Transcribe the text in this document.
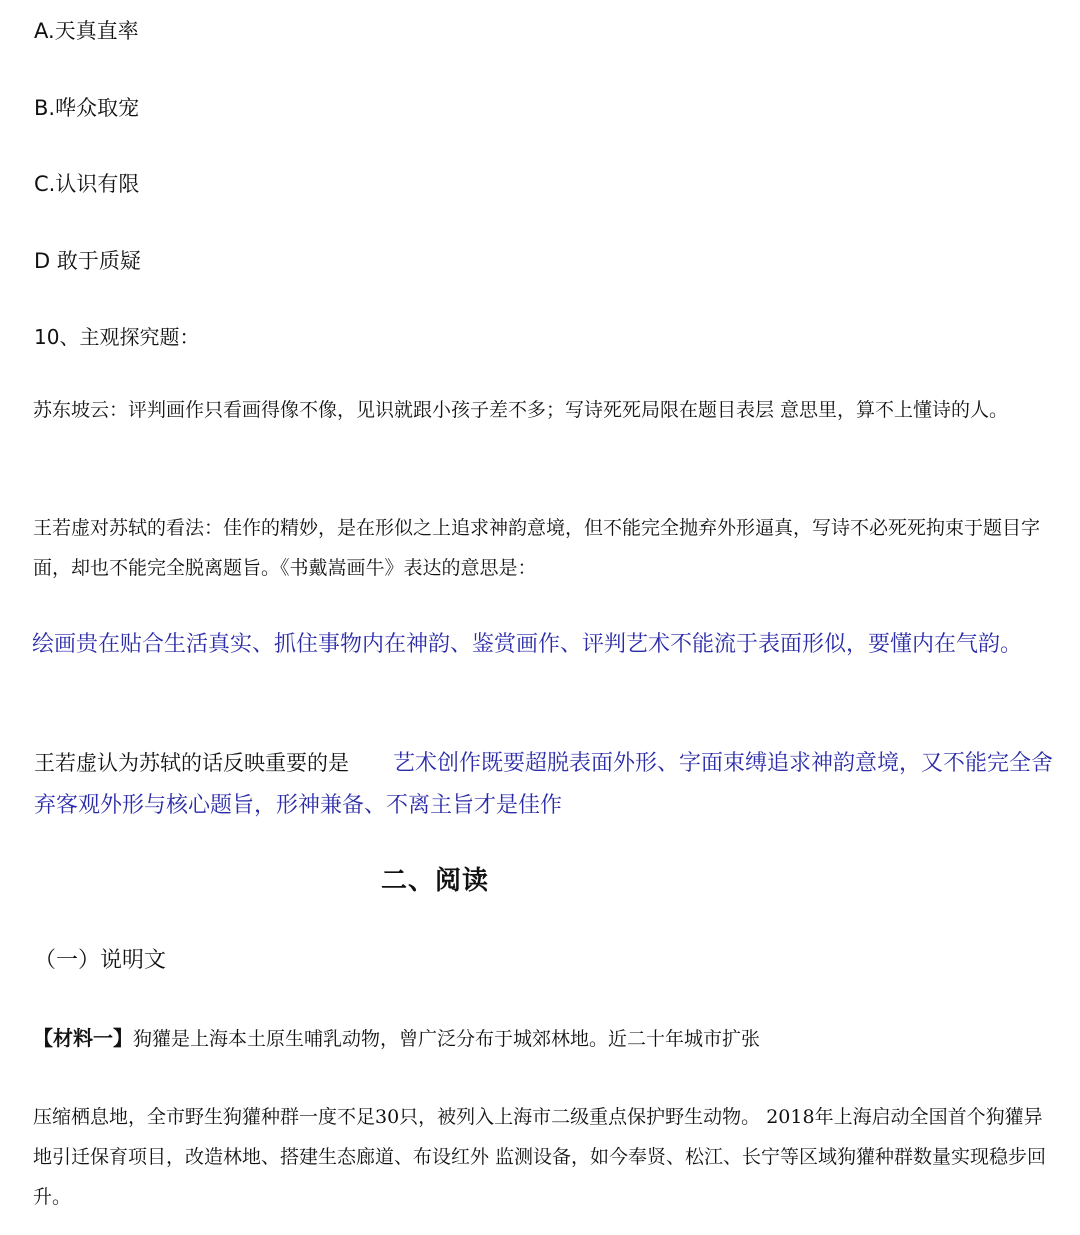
A.天真直率
B.哗众取宠
C.认识有限
D 敢于质疑
10、主观探究题：
苏东坡云：评判画作只看画得像不像，见识就跟小孩子差不多；写诗死死局限在题目表层 意思里，算不上懂诗的人。
王若虚对苏轼的看法：佳作的精妙，是在形似之上追求神韵意境，但不能完全抛弃外形逼真，写诗不必死死拘束于题目字面，却也不能完全脱离题旨。《书戴嵩画牛》表达的意思是：
绘画贵在贴合生活真实、抓住事物内在神韵、鉴赏画作、评判艺术不能流于表面形似，要懂内在气韵。
王若虚认为苏轼的话反映重要的是 艺术创作既要超脱表面外形、字面束缚追求神韵意境，又不能完全舍弃客观外形与核心题旨，形神兼备、不离主旨才是佳作
二、阅读
（一）说明文
【材料一】狗獾是上海本土原生哺乳动物，曾广泛分布于城郊林地。近二十年城市扩张
压缩栖息地，全市野生狗獾种群一度不足30只，被列入上海市二级重点保护野生动物。 2018年上海启动全国首个狗獾异地引迁保育项目，改造林地、搭建生态廊道、布设红外 监测设备，如今奉贤、松江、长宁等区域狗獾种群数量实现稳步回升。
